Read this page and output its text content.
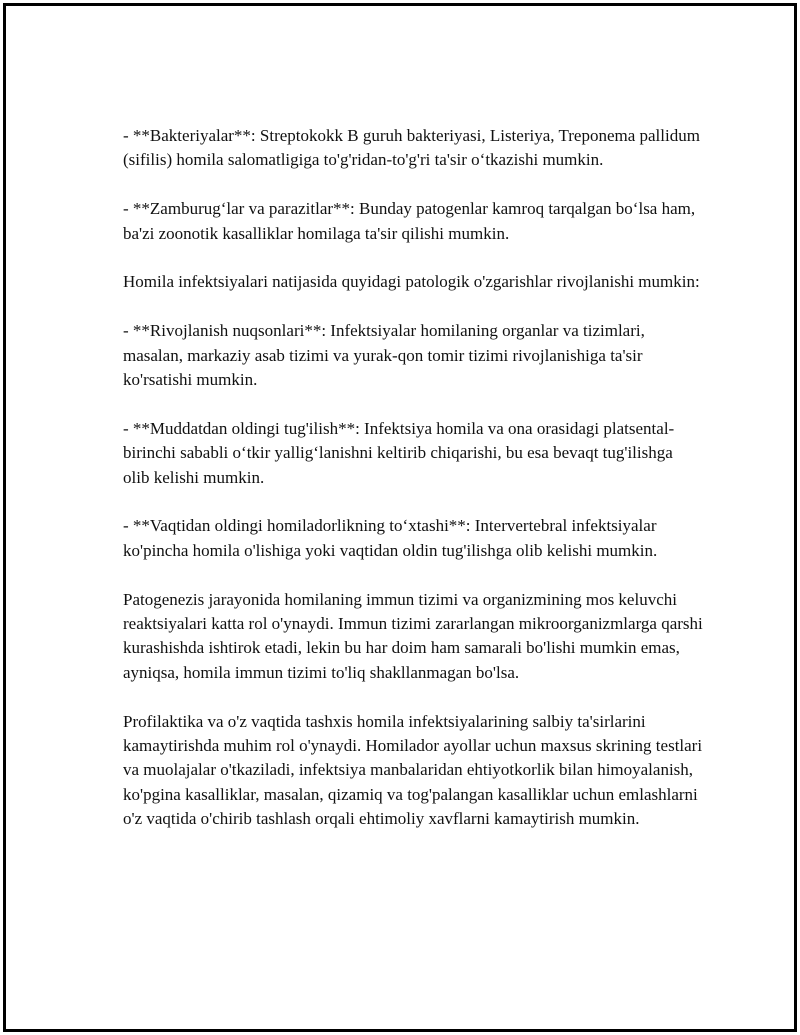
- **Bakteriyalar**: Streptokokk B guruh bakteriyasi, Listeriya, Treponema pallidum (sifilis) homila salomatligiga to'g'ridan-to'g'ri ta'sir o‘tkazishi mumkin.

- **Zamburug‘lar va parazitlar**: Bunday patogenlar kamroq tarqalgan bo‘lsa ham, ba'zi zoonotik kasalliklar homilaga ta'sir qilishi mumkin.

Homila infektsiyalari natijasida quyidagi patologik o'zgarishlar rivojlanishi mumkin:

- **Rivojlanish nuqsonlari**: Infektsiyalar homilaning organlar va tizimlari, masalan, markaziy asab tizimi va yurak-qon tomir tizimi rivojlanishiga ta'sir ko'rsatishi mumkin.

- **Muddatdan oldingi tug'ilish**: Infektsiya homila va ona orasidagi platsental-birinchi sababli o‘tkir yallig‘lanishni keltirib chiqarishi, bu esa bevaqt tug'ilishga olib kelishi mumkin.

- **Vaqtidan oldingi homiladorlikning to‘xtashi**: Intervertebral infektsiyalar ko'pincha homila o'lishiga yoki vaqtidan oldin tug'ilishga olib kelishi mumkin.

Patogenezis jarayonida homilaning immun tizimi va organizmining mos keluvchi reaktsiyalari katta rol o'ynaydi. Immun tizimi zararlangan mikroorganizmlarga qarshi kurashishda ishtirok etadi, lekin bu har doim ham samarali bo'lishi mumkin emas, ayniqsa, homila immun tizimi to'liq shakllanmagan bo'lsa.

Profilaktika va o'z vaqtida tashxis homila infektsiyalarining salbiy ta'sirlarini kamaytirishda muhim rol o'ynaydi. Homilador ayollar uchun maxsus skrining testlari va muolajalar o'tkaziladi, infektsiya manbalaridan ehtiyotkorlik bilan himoyalanish, ko'pgina kasalliklar, masalan, qizamiq va tog'palangan kasalliklar uchun emlashlarni o'z vaqtida o'chirib tashlash orqali ehtimoliy xavflarni kamaytirish mumkin.
